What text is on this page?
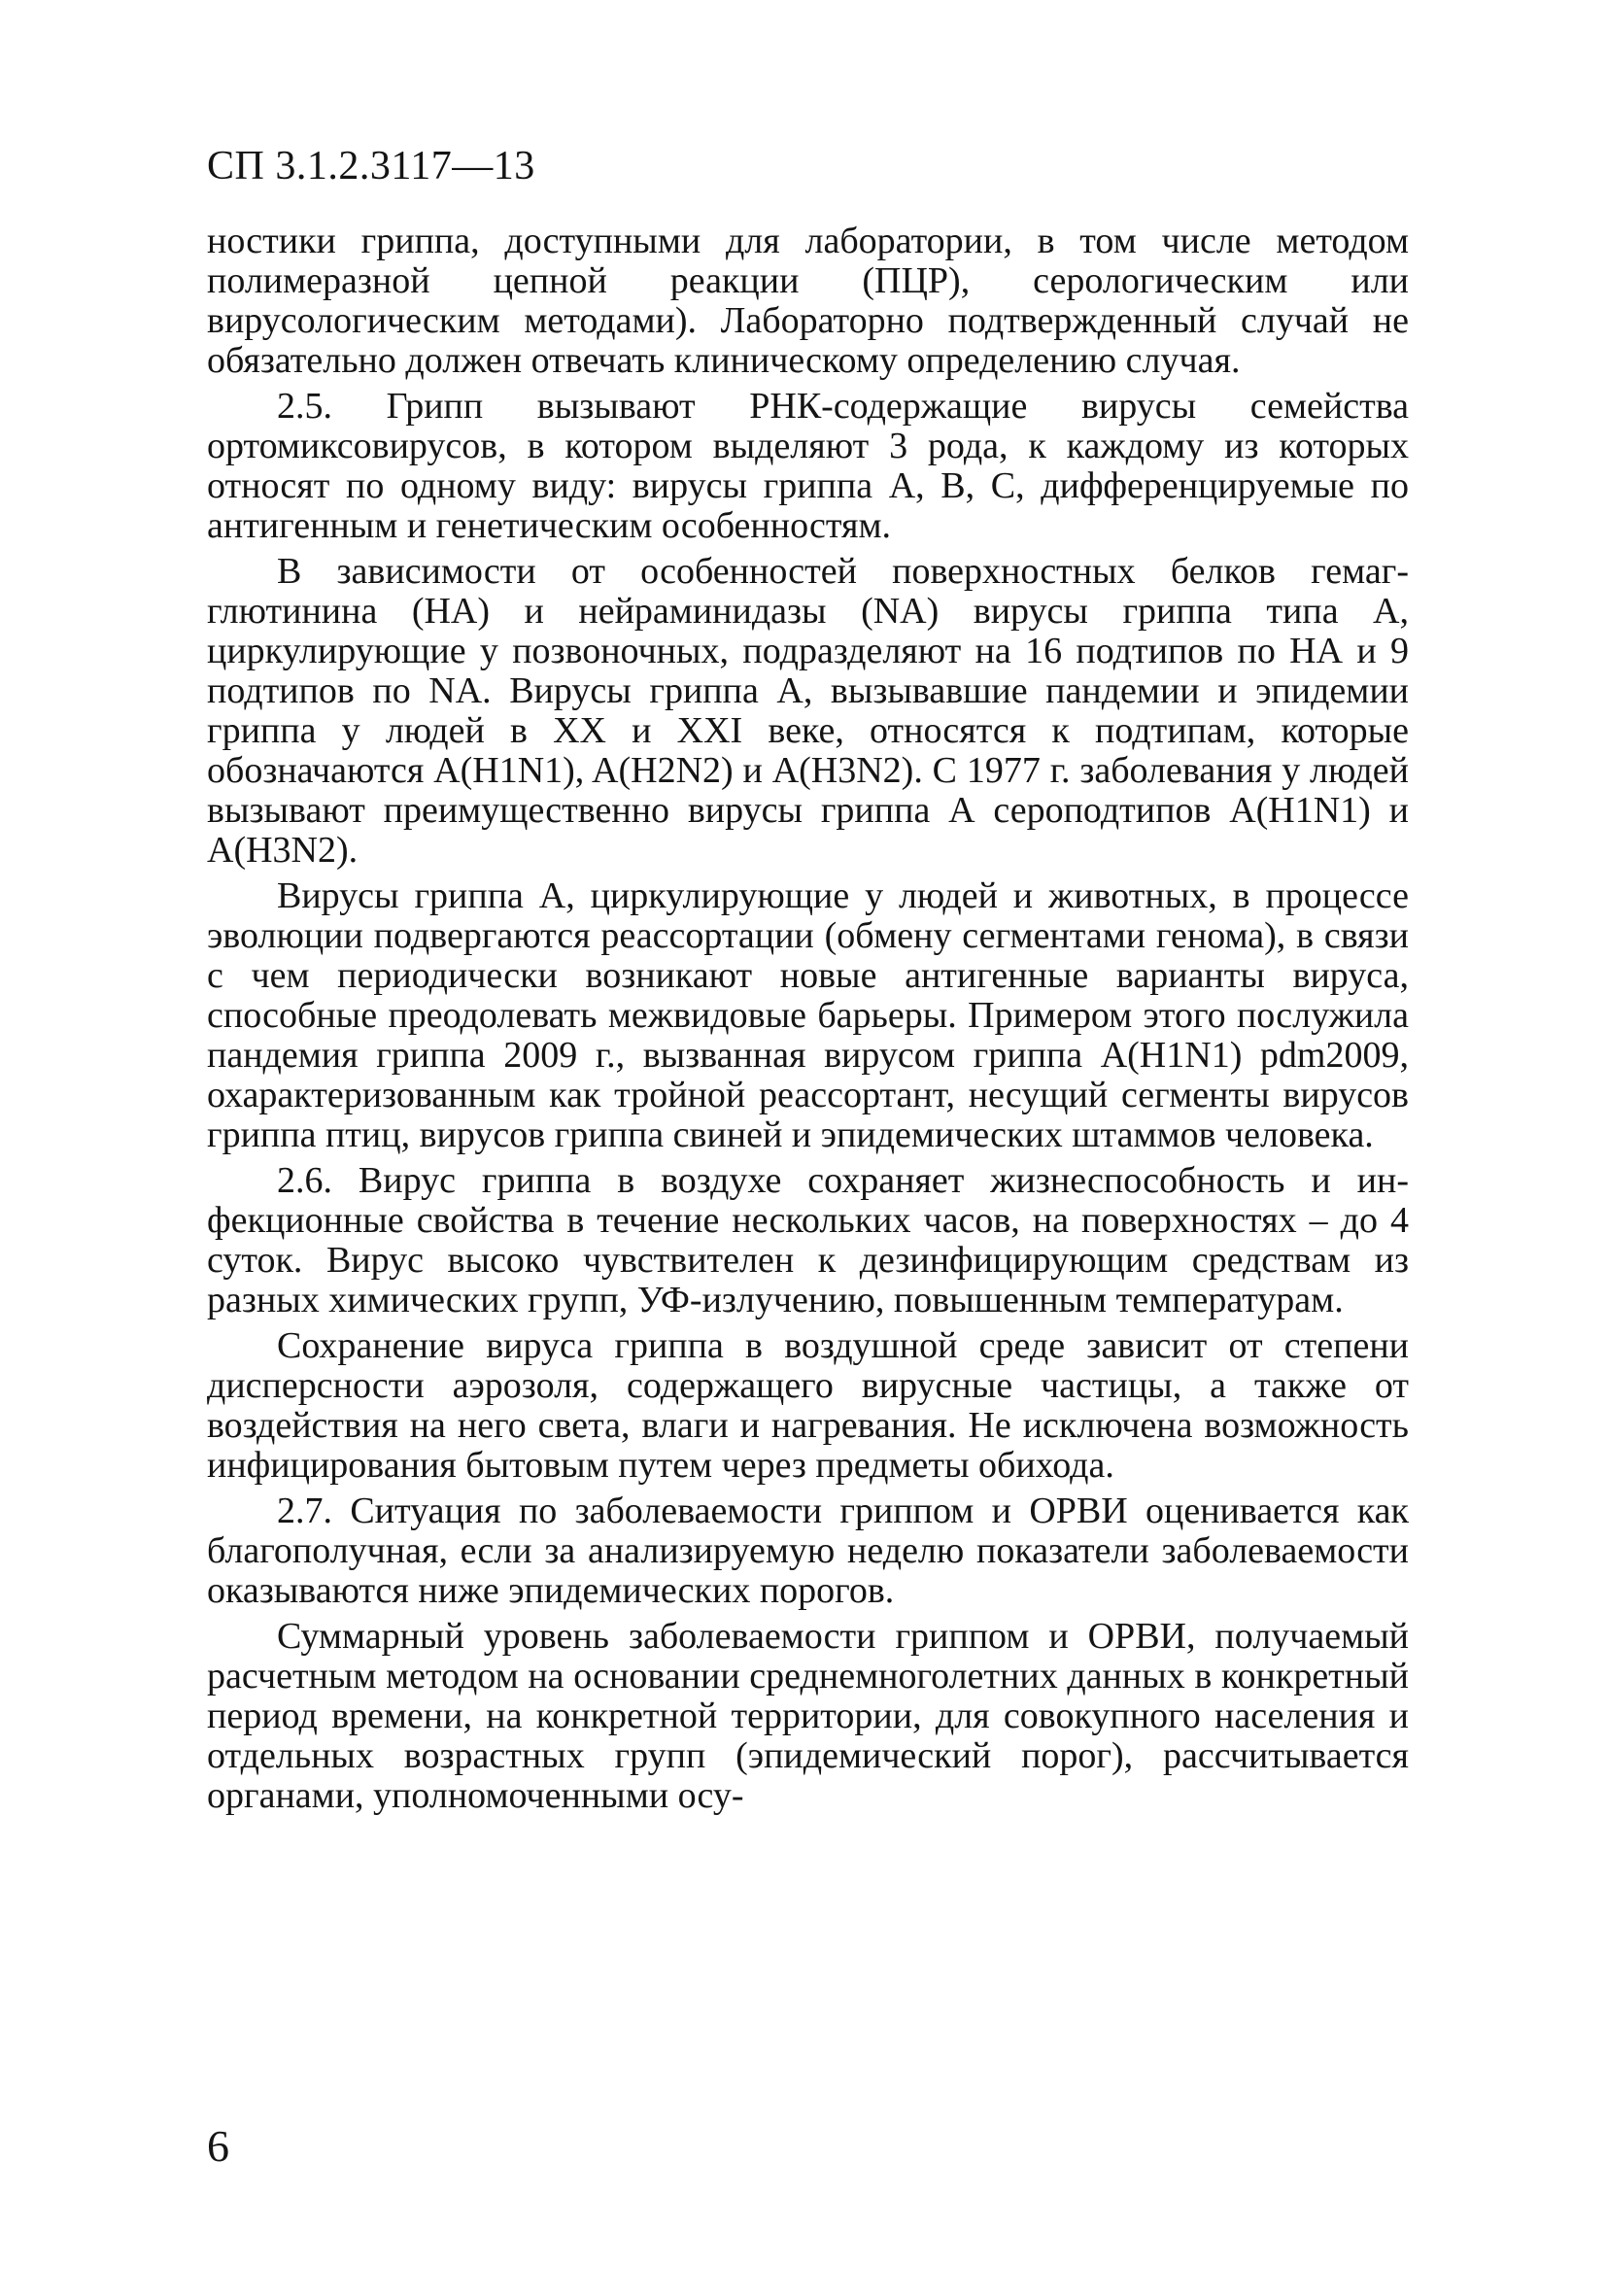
СП 3.1.2.3117—13

ностики гриппа, доступными для лаборатории, в том числе методом полимеразной цепной реакции (ПЦР), серологическим или вирусологическим методами). Лабораторно подтвержденный случай не обязательно должен отвечать клиническому определению случая.

2.5. Грипп вызывают РНК-содержащие вирусы семейства ортомиксовирусов, в котором выделяют 3 рода, к каждому из которых относят по одному виду: вирусы гриппа А, В, С, дифференцируемые по антигенным и генетическим особенностям.

В зависимости от особенностей поверхностных белков гемагглютинина (НА) и нейраминидазы (NA) вирусы гриппа типа А, циркулирующие у позвоночных, подразделяют на 16 подтипов по НА и 9 подтипов по NA. Вирусы гриппа А, вызывавшие пандемии и эпидемии гриппа у людей в XX и XXI веке, относятся к подтипам, которые обозначаются A(H1N1), A(H2N2) и A(H3N2). С 1977 г. заболевания у людей вызывают преимущественно вирусы гриппа А серoподтипов A(H1N1) и A(H3N2).

Вирусы гриппа А, циркулирующие у людей и животных, в процессе эволюции подвергаются реассортации (обмену сегментами генома), в связи с чем периодически возникают новые антигенные варианты вируса, способные преодолевать межвидовые барьеры. Примером этого послужила пандемия гриппа 2009 г., вызванная вирусом гриппа A(H1N1) pdm2009, охарактеризованным как тройной реассортант, несущий сегменты вирусов гриппа птиц, вирусов гриппа свиней и эпидемических штаммов человека.

2.6. Вирус гриппа в воздухе сохраняет жизнеспособность и инфекционные свойства в течение нескольких часов, на поверхностях – до 4 суток. Вирус высоко чувствителен к дезинфицирующим средствам из разных химических групп, УФ-излучению, повышенным температурам.

Сохранение вируса гриппа в воздушной среде зависит от степени дисперсности аэрозоля, содержащего вирусные частицы, а также от воздействия на него света, влаги и нагревания. Не исключена возможность инфицирования бытовым путем через предметы обихода.

2.7. Ситуация по заболеваемости гриппом и ОРВИ оценивается как благополучная, если за анализируемую неделю показатели заболеваемости оказываются ниже эпидемических порогов.

Суммарный уровень заболеваемости гриппом и ОРВИ, получаемый расчетным методом на основании среднемноголетних данных в конкретный период времени, на конкретной территории, для совокупного населения и отдельных возрастных групп (эпидемический порог), рассчитывается органами, уполномоченными осу-

6
